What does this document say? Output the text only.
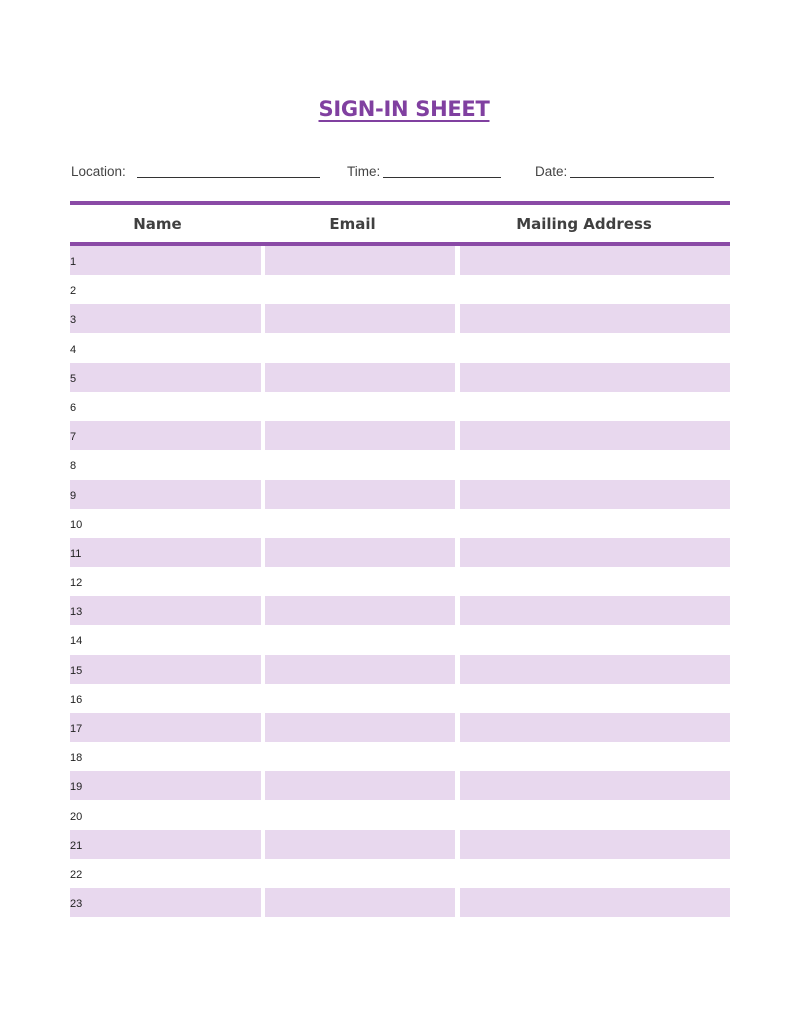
SIGN-IN SHEET
Location:	Time:	Date:
Name	Email	Mailing Address
1
2
3
4
5
6
7
8
9
10
11
12
13
14
15
16
17
18
19
20
21
22
23
